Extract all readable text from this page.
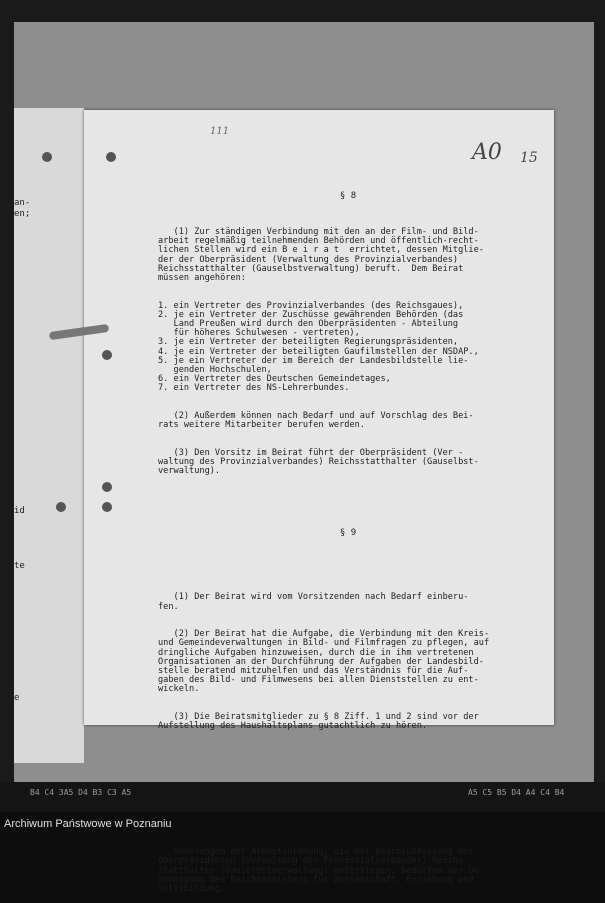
an-
en;

id

te

e
111
A0 15

§ 8

(1) Zur ständigen Verbindung mit den an der Film- und Bild-
arbeit regelmäßig teilnehmenden Behörden und öffentlich-recht-
lichen Stellen wird ein B e i r a t  errichtet, dessen Mitglie-
der der Oberpräsident (Verwaltung des Provinzialverbandes)
Reichsstatthalter (Gauselbstverwaltung) beruft.  Dem Beirat
müssen angehören:

1. ein Vertreter des Provinzialverbandes (des Reichsgaues),
2. je ein Vertreter der Zuschüsse gewährenden Behörden (das
Land Preußen wird durch den Oberpräsidenten - Abteilung
für höheres Schulwesen - vertreten),
3. je ein Vertreter der beteiligten Regierungspräsidenten,
4. je ein Vertreter der beteiligten Gaufilmstellen der NSDAP.,
5. je ein Vertreter der im Bereich der Landesbildstelle lie-
genden Hochschulen,
6. ein Vertreter des Deutschen Gemeindetages,
7. ein Vertreter des NS-Lehrerbundes.

(2) Außerdem können nach Bedarf und auf Vorschlag des Bei-
rats weitere Mitarbeiter berufen werden.

(3) Den Vorsitz im Beirat führt der Oberpräsident (Ver -
waltung des Provinzialverbandes) Reichsstatthalter (Gauselbst-
verwaltung).

§ 9

(1) Der Beirat wird vom Vorsitzenden nach Bedarf einberu-
fen.

(2) Der Beirat hat die Aufgabe, die Verbindung mit den Kreis-
und Gemeindeverwaltungen in Bild- und Filmfragen zu pflegen, auf
dringliche Aufgaben hinzuweisen, durch die in ihm vertretenen
Organisationen an der Durchführung der Aufgaben der Landesbild-
stelle beratend mitzuhelfen und das Verständnis für die Auf-
gaben des Bild- und Filmwesens bei allen Dienststellen zu ent-
wickeln.

(3) Die Beiratsmitglieder zu § 8 Ziff. 1 und 2 sind vor der
Aufstellung des Haushaltsplans gutachtlich zu hören.

Änderungen der Arbeitsordnung, die der Beschlußfassung des
Oberpräsidenten (Verwaltung des Provinzialverbandes) Reichs-
statthalter (Gauselbstverwaltung) unterliegen, bedürfen der Ge-
nehmigung des Reichsministers für Wissenschaft, Erziehung und
Volksbildung.

B4 C4 3A5 D4 B3 C3 A5	A5 C5 B5 D4 A4 C4 B4
Archiwum Państwowe w Poznaniu
